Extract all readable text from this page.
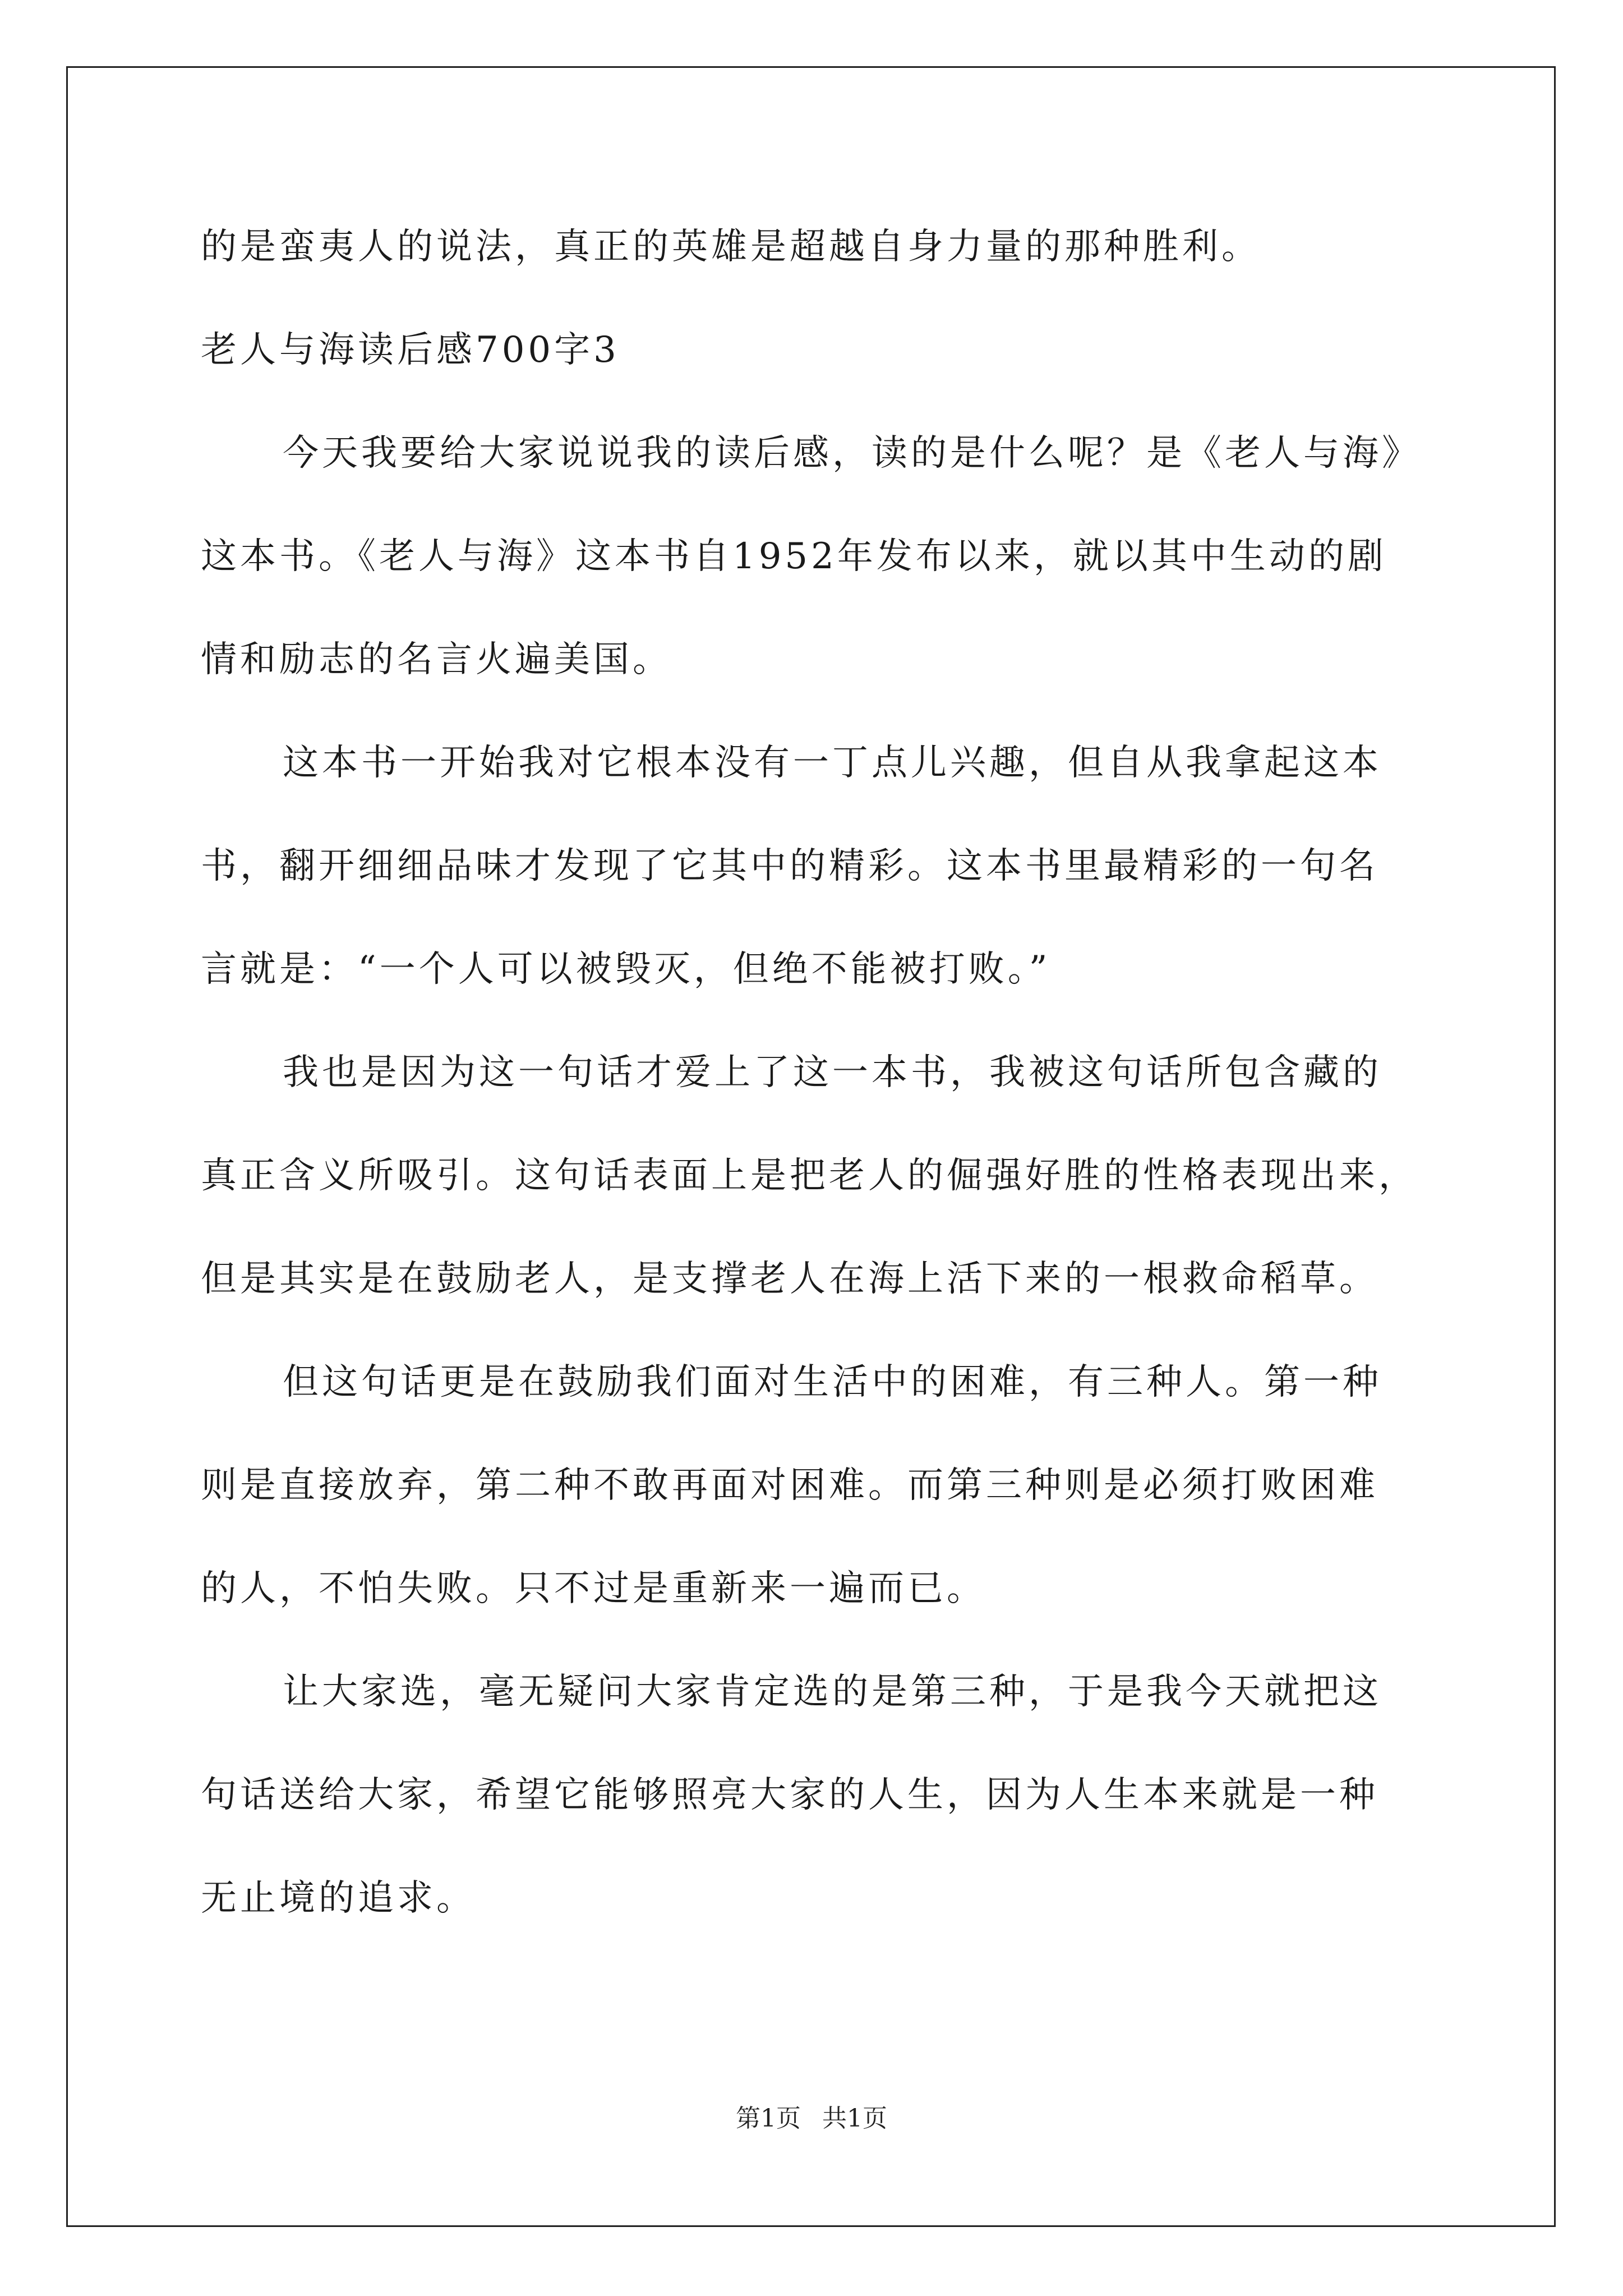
的是蛮夷人的说法，真正的英雄是超越自身力量的那种胜利。
老人与海读后感700字3
今天我要给大家说说我的读后感，读的是什么呢？是《老人与海》
这本书。《老人与海》这本书自1952年发布以来，就以其中生动的剧
情和励志的名言火遍美国。
这本书一开始我对它根本没有一丁点儿兴趣，但自从我拿起这本
书，翻开细细品味才发现了它其中的精彩。这本书里最精彩的一句名
言就是：“一个人可以被毁灭，但绝不能被打败。”
我也是因为这一句话才爱上了这一本书，我被这句话所包含藏的
真正含义所吸引。这句话表面上是把老人的倔强好胜的性格表现出来，
但是其实是在鼓励老人，是支撑老人在海上活下来的一根救命稻草。
但这句话更是在鼓励我们面对生活中的困难，有三种人。第一种
则是直接放弃，第二种不敢再面对困难。而第三种则是必须打败困难
的人，不怕失败。只不过是重新来一遍而已。
让大家选，毫无疑问大家肯定选的是第三种，于是我今天就把这
句话送给大家，希望它能够照亮大家的人生，因为人生本来就是一种
无止境的追求。
第1页 共1页
